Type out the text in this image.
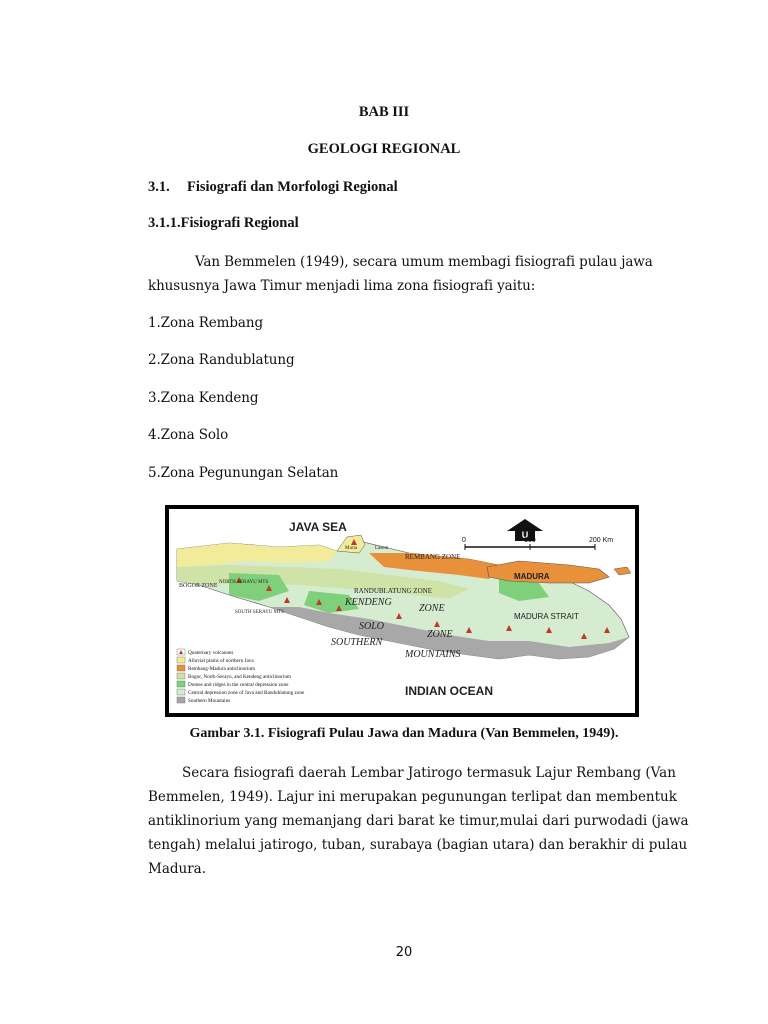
BAB III
GEOLOGI REGIONAL
3.1. Fisiografi dan Morfologi Regional
3.1.1.Fisiografi Regional
Van Bemmelen (1949), secara umum membagi fisiografi pulau jawa
khususnya Jawa Timur menjadi lima zona fisiografi yaitu:
1.Zona Rembang
2.Zona Randublatung
3.Zona Kendeng
4.Zona Solo
5.Zona Pegunungan Selatan
JAVA SEA
INDIAN OCEAN
REMBANG ZONE
MADURA
MADURA STRAIT
RANDUBLATUNG ZONE
KENDENG
ZONE
SOLO
ZONE
SOUTHERN
MOUNTAINS
BOGOR ZONE
NORTH SERAYU MTS
SOUTH SERAYU MTS
Muria	Lasem
U
0	100	200 Km
Quaternary volcanoes
Alluvial plains of northern Java
Rembang-Madura anticlinorium
Bogor, North-Serayu, and Kendeng anticlinorium
Domes and ridges in the central depression zone
Central depression zone of Java and Randublatung zone
Southern Mountains
Gambar 3.1. Fisiografi Pulau Jawa dan Madura (Van Bemmelen, 1949).
Secara fisiografi daerah Lembar Jatirogo termasuk Lajur Rembang (Van
Bemmelen, 1949). Lajur ini merupakan pegunungan terlipat dan membentuk
antiklinorium yang memanjang dari barat ke timur,mulai dari purwodadi (jawa
tengah) melalui jatirogo, tuban, surabaya (bagian utara) dan berakhir di pulau
Madura.
20
